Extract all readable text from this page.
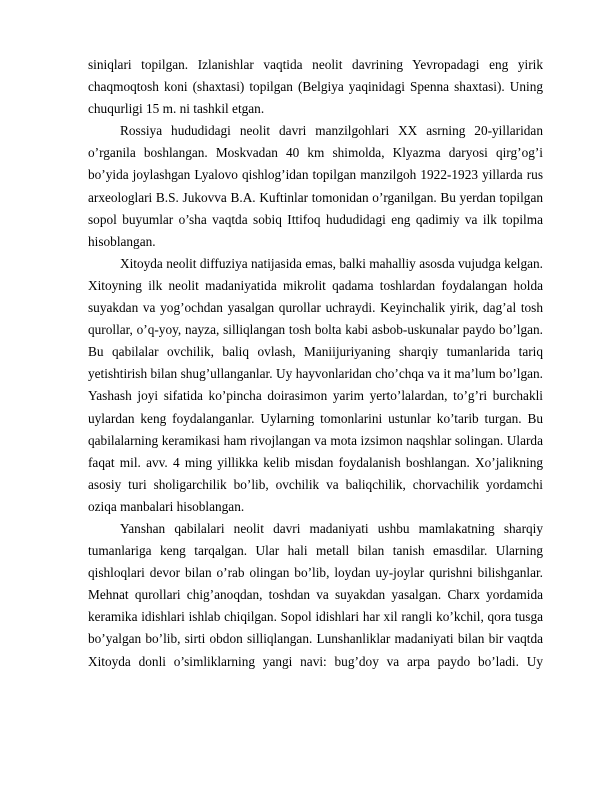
siniqlari topilgan. Izlanishlar vaqtida neolit davrining Yevropadagi eng yirik chaqmoqtosh koni (shaxtasi) topilgan (Belgiya yaqinidagi Spenna shaxtasi). Uning chuqurligi 15 m. ni tashkil etgan.

Rossiya hududidagi neolit davri manzilgohlari XX asrning 20-yillaridan o’rganila boshlangan. Moskvadan 40 km shimolda, Klyazma daryosi qirg’og’i bo’yida joylashgan Lyalovo qishlog’idan topilgan manzilgoh 1922-1923 yillarda rus arxeologlari B.S. Jukovva B.A. Kuftinlar tomonidan o’rganilgan. Bu yerdan topilgan sopol buyumlar o’sha vaqtda sobiq Ittifoq hududidagi eng qadimiy va ilk topilma hisoblangan.

Xitoyda neolit diffuziya natijasida emas, balki mahalliy asosda vujudga kelgan. Xitoyning ilk neolit madaniyatida mikrolit qadama toshlardan foydalangan holda suyakdan va yog’ochdan yasalgan qurollar uchraydi. Keyinchalik yirik, dag’al tosh qurollar, o’q-yoy, nayza, silliqlangan tosh bolta kabi asbob-uskunalar paydo bo’lgan. Bu qabilalar ovchilik, baliq ovlash, Maniijuriyaning sharqiy tumanlarida tariq yetishtirish bilan shug’ullanganlar. Uy hayvonlaridan cho’chqa va it ma’lum bo’lgan. Yashash joyi sifatida ko’pincha doirasimon yarim yerto’lalardan, to’g’ri burchakli uylardan keng foydalanganlar. Uylarning tomonlarini ustunlar ko’tarib turgan. Bu qabilalarning keramikasi ham rivojlangan va mota izsimon naqshlar solingan. Ularda faqat mil. avv. 4 ming yillikka kelib misdan foydalanish boshlangan. Xo’jalikning asosiy turi sholigarchilik bo’lib, ovchilik va baliqchilik, chorvachilik yordamchi oziqa manbalari hisoblangan.

Yanshan qabilalari neolit davri madaniyati ushbu mamlakatning sharqiy tumanlariga keng tarqalgan. Ular hali metall bilan tanish emasdilar. Ularning qishloqlari devor bilan o’rab olingan bo’lib, loydan uy-joylar qurishni bilishganlar. Mehnat qurollari chig’anoqdan, toshdan va suyakdan yasalgan. Charx yordamida keramika idishlari ishlab chiqilgan. Sopol idishlari har xil rangli ko’kchil, qora tusga bo’yalgan bo’lib, sirti obdon silliqlangan. Lunshanliklar madaniyati bilan bir vaqtda Xitoyda donli o’simliklarning yangi navi: bug’doy va arpa paydo bo’ladi. Uy
